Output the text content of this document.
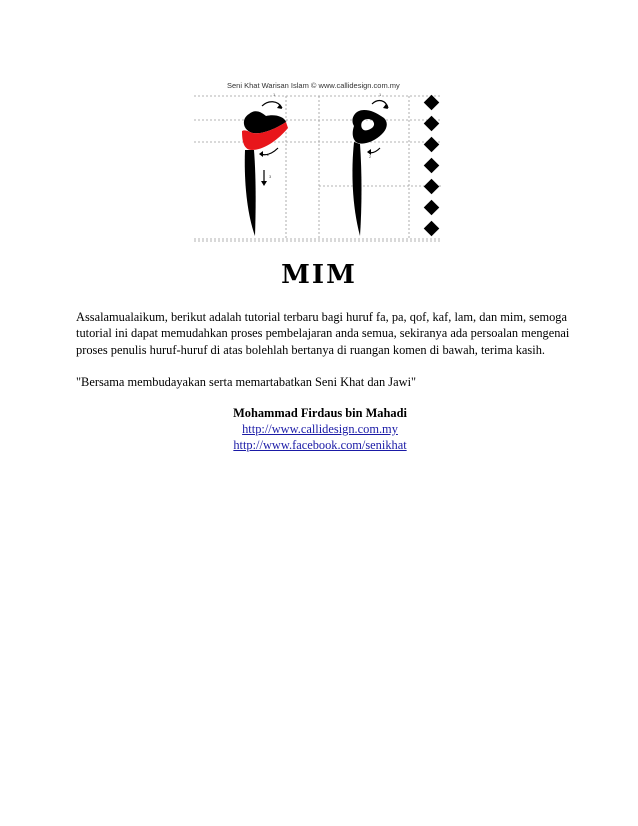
Seni Khat Warisan Islam © www.callidesign.com.my
1
2
3
1
2
MIM

Assalamualaikum, berikut adalah tutorial terbaru bagi huruf fa, pa, qof, kaf, lam, dan mim, semoga tutorial ini dapat memudahkan proses pembelajaran anda semua, sekiranya ada persoalan mengenai proses penulis huruf-huruf di atas bolehlah bertanya di ruangan komen di bawah, terima kasih.

"Bersama membudayakan serta memartabatkan Seni Khat dan Jawi"

Mohammad Firdaus bin Mahadi
http://www.callidesign.com.my
http://www.facebook.com/senikhat
